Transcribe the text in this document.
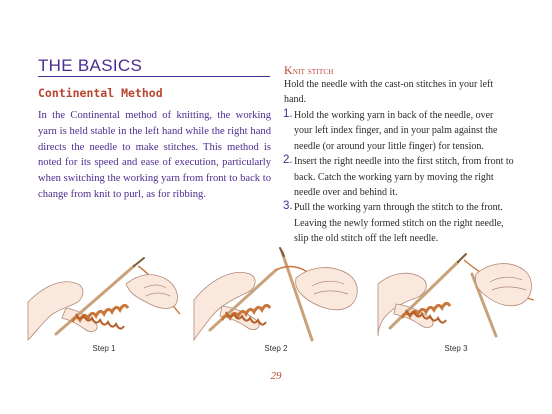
THE BASICS
Continental Method

In the Continental method of knitting, the working yarn is held stable in the left hand while the right hand directs the needle to make stitches. This method is noted for its speed and ease of execution, particularly when switching the working yarn from front to back to change from knit to purl, as for ribbing.

Knit stitch

Hold the needle with the cast-on stitches in your left hand.

1. Hold the working yarn in back of the needle, over your left index finger, and in your palm against the needle (or around your little finger) for tension.
2. Insert the right needle into the first stitch, from front to back. Catch the working yarn by moving the right needle over and behind it.
3. Pull the working yarn through the stitch to the front. Leaving the newly formed stitch on the right needle, slip the old stitch off the left needle.
Step 1	Step 2	Step 3
29
